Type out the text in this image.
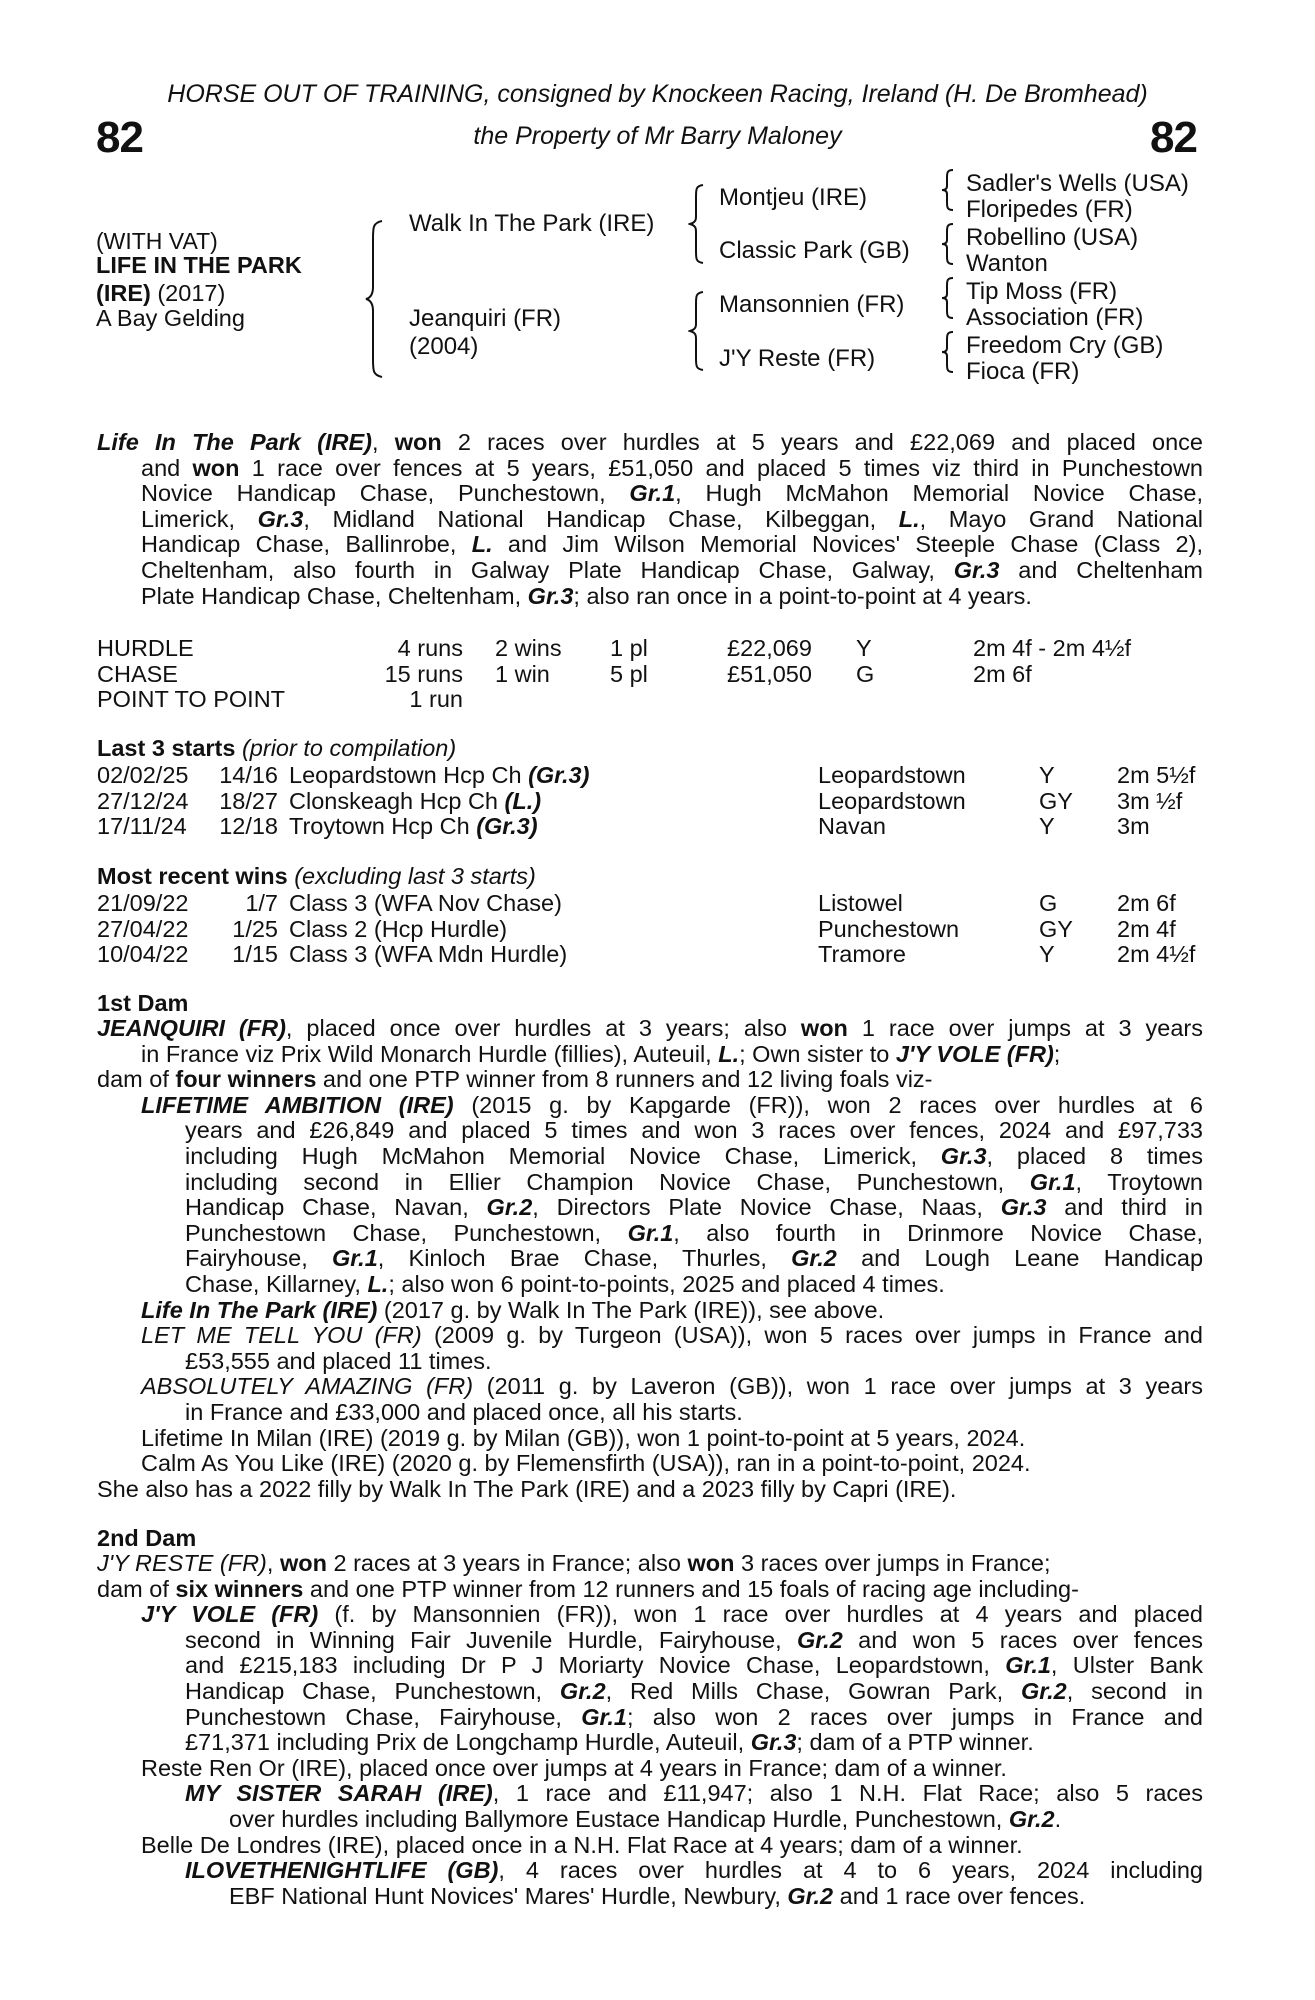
HORSE OUT OF TRAINING, consigned by Knockeen Racing, Ireland (H. De Bromhead)
82	the Property of Mr Barry Maloney	82
(WITH VAT)
LIFE IN THE PARK
(IRE) (2017)
A Bay Gelding
Walk In The Park (IRE)
Jeanquiri (FR)
(2004)
Montjeu (IRE)
Classic Park (GB)
Mansonnien (FR)
J'Y Reste (FR)
Sadler's Wells (USA)
Floripedes (FR)
Robellino (USA)
Wanton
Tip Moss (FR)
Association (FR)
Freedom Cry (GB)
Fioca (FR)
Life In The Park (IRE), won 2 races over hurdles at 5 years and £22,069 and placed once
and won 1 race over fences at 5 years, £51,050 and placed 5 times viz third in Punchestown
Novice Handicap Chase, Punchestown, Gr.1, Hugh McMahon Memorial Novice Chase,
Limerick, Gr.3, Midland National Handicap Chase, Kilbeggan, L., Mayo Grand National
Handicap Chase, Ballinrobe, L. and Jim Wilson Memorial Novices' Steeple Chase (Class 2),
Cheltenham, also fourth in Galway Plate Handicap Chase, Galway, Gr.3 and Cheltenham
Plate Handicap Chase, Cheltenham, Gr.3; also ran once in a point-to-point at 4 years.
HURDLE	4 runs 2 wins 1 pl	£22,069 Y	2m 4f - 2m 4½f
CHASE	15 runs 1 win	5 pl	£51,050 G	2m 6f
POINT TO POINT	1 run
Last 3 starts (prior to compilation)
02/02/25 14/16 Leopardstown Hcp Ch (Gr.3)	Leopardstown	Y	2m 5½f
27/12/24 18/27 Clonskeagh Hcp Ch (L.)	Leopardstown	GY 3m ½f
17/11/24 12/18 Troytown Hcp Ch (Gr.3)	Navan	Y	3m
Most recent wins (excluding last 3 starts)
21/09/22 1/7 Class 3 (WFA Nov Chase)	Listowel	G	2m 6f
27/04/22 1/25 Class 2 (Hcp Hurdle)	Punchestown	GY 2m 4f
10/04/22 1/15 Class 3 (WFA Mdn Hurdle)	Tramore	Y	2m 4½f
1st Dam
JEANQUIRI (FR), placed once over hurdles at 3 years; also won 1 race over jumps at 3 years
in France viz Prix Wild Monarch Hurdle (fillies), Auteuil, L.; Own sister to J'Y VOLE (FR);
dam of four winners and one PTP winner from 8 runners and 12 living foals viz-
LIFETIME AMBITION (IRE) (2015 g. by Kapgarde (FR)), won 2 races over hurdles at 6
years and £26,849 and placed 5 times and won 3 races over fences, 2024 and £97,733
including Hugh McMahon Memorial Novice Chase, Limerick, Gr.3, placed 8 times
including second in Ellier Champion Novice Chase, Punchestown, Gr.1, Troytown
Handicap Chase, Navan, Gr.2, Directors Plate Novice Chase, Naas, Gr.3 and third in
Punchestown Chase, Punchestown, Gr.1, also fourth in Drinmore Novice Chase,
Fairyhouse, Gr.1, Kinloch Brae Chase, Thurles, Gr.2 and Lough Leane Handicap
Chase, Killarney, L.; also won 6 point-to-points, 2025 and placed 4 times.
Life In The Park (IRE) (2017 g. by Walk In The Park (IRE)), see above.
LET ME TELL YOU (FR) (2009 g. by Turgeon (USA)), won 5 races over jumps in France and
£53,555 and placed 11 times.
ABSOLUTELY AMAZING (FR) (2011 g. by Laveron (GB)), won 1 race over jumps at 3 years
in France and £33,000 and placed once, all his starts.
Lifetime In Milan (IRE) (2019 g. by Milan (GB)), won 1 point-to-point at 5 years, 2024.
Calm As You Like (IRE) (2020 g. by Flemensfirth (USA)), ran in a point-to-point, 2024.
She also has a 2022 filly by Walk In The Park (IRE) and a 2023 filly by Capri (IRE).
2nd Dam
J'Y RESTE (FR), won 2 races at 3 years in France; also won 3 races over jumps in France;
dam of six winners and one PTP winner from 12 runners and 15 foals of racing age including-
J'Y VOLE (FR) (f. by Mansonnien (FR)), won 1 race over hurdles at 4 years and placed
second in Winning Fair Juvenile Hurdle, Fairyhouse, Gr.2 and won 5 races over fences
and £215,183 including Dr P J Moriarty Novice Chase, Leopardstown, Gr.1, Ulster Bank
Handicap Chase, Punchestown, Gr.2, Red Mills Chase, Gowran Park, Gr.2, second in
Punchestown Chase, Fairyhouse, Gr.1; also won 2 races over jumps in France and
£71,371 including Prix de Longchamp Hurdle, Auteuil, Gr.3; dam of a PTP winner.
Reste Ren Or (IRE), placed once over jumps at 4 years in France; dam of a winner.
MY SISTER SARAH (IRE), 1 race and £11,947; also 1 N.H. Flat Race; also 5 races
over hurdles including Ballymore Eustace Handicap Hurdle, Punchestown, Gr.2.
Belle De Londres (IRE), placed once in a N.H. Flat Race at 4 years; dam of a winner.
ILOVETHENIGHTLIFE (GB), 4 races over hurdles at 4 to 6 years, 2024 including
EBF National Hunt Novices' Mares' Hurdle, Newbury, Gr.2 and 1 race over fences.
